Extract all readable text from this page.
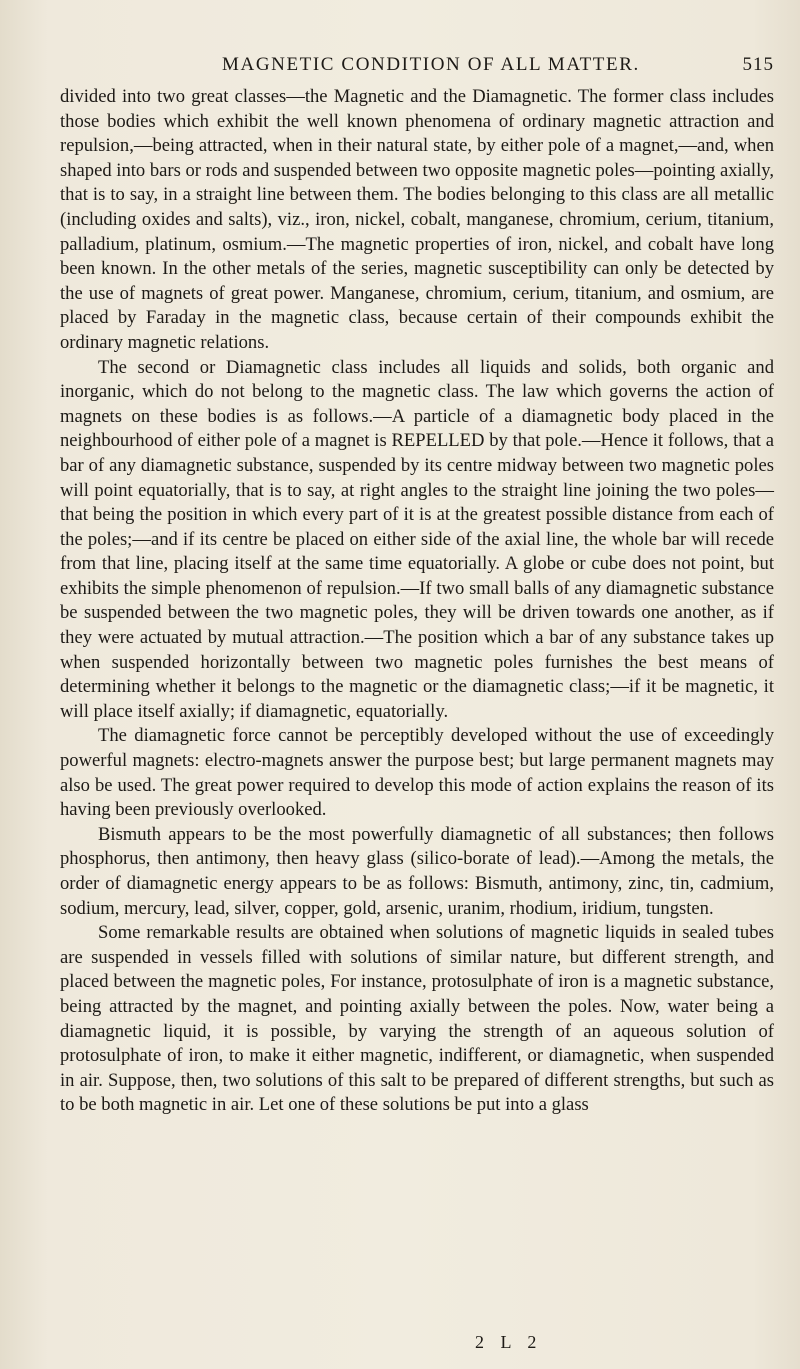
MAGNETIC CONDITION OF ALL MATTER.	515

divided into two great classes—the Magnetic and the Diamagnetic. The former class includes those bodies which exhibit the well known phenomena of ordinary magnetic attraction and repulsion,—being attracted, when in their natural state, by either pole of a magnet,—and, when shaped into bars or rods and suspended between two opposite magnetic poles—pointing axially, that is to say, in a straight line between them. The bodies belonging to this class are all metallic (including oxides and salts), viz., iron, nickel, cobalt, manganese, chromium, cerium, titanium, palladium, platinum, osmium.—The magnetic properties of iron, nickel, and cobalt have long been known. In the other metals of the series, magnetic susceptibility can only be detected by the use of magnets of great power. Manganese, chromium, cerium, titanium, and osmium, are placed by Faraday in the magnetic class, because certain of their compounds exhibit the ordinary magnetic relations.

The second or Diamagnetic class includes all liquids and solids, both organic and inorganic, which do not belong to the magnetic class. The law which governs the action of magnets on these bodies is as follows.—A particle of a diamagnetic body placed in the neighbourhood of either pole of a magnet is REPELLED by that pole.—Hence it follows, that a bar of any diamagnetic substance, suspended by its centre midway between two magnetic poles will point equatorially, that is to say, at right angles to the straight line joining the two poles—that being the position in which every part of it is at the greatest possible distance from each of the poles;—and if its centre be placed on either side of the axial line, the whole bar will recede from that line, placing itself at the same time equatorially. A globe or cube does not point, but exhibits the simple phenomenon of repulsion.—If two small balls of any diamagnetic substance be suspended between the two magnetic poles, they will be driven towards one another, as if they were actuated by mutual attraction.—The position which a bar of any substance takes up when suspended horizontally between two magnetic poles furnishes the best means of determining whether it belongs to the magnetic or the diamagnetic class;—if it be magnetic, it will place itself axially; if diamagnetic, equatorially.

The diamagnetic force cannot be perceptibly developed without the use of exceedingly powerful magnets: electro-magnets answer the purpose best; but large permanent magnets may also be used. The great power required to develop this mode of action explains the reason of its having been previously overlooked.

Bismuth appears to be the most powerfully diamagnetic of all substances; then follows phosphorus, then antimony, then heavy glass (silico-borate of lead).—Among the metals, the order of diamagnetic energy appears to be as follows: Bismuth, antimony, zinc, tin, cadmium, sodium, mercury, lead, silver, copper, gold, arsenic, uranim, rhodium, iridium, tungsten.

Some remarkable results are obtained when solutions of magnetic liquids in sealed tubes are suspended in vessels filled with solutions of similar nature, but different strength, and placed between the magnetic poles, For instance, protosulphate of iron is a magnetic substance, being attracted by the magnet, and pointing axially between the poles. Now, water being a diamagnetic liquid, it is possible, by varying the strength of an aqueous solution of protosulphate of iron, to make it either magnetic, indifferent, or diamagnetic, when suspended in air. Suppose, then, two solutions of this salt to be prepared of different strengths, but such as to be both magnetic in air. Let one of these solutions be put into a glass

2 L 2
